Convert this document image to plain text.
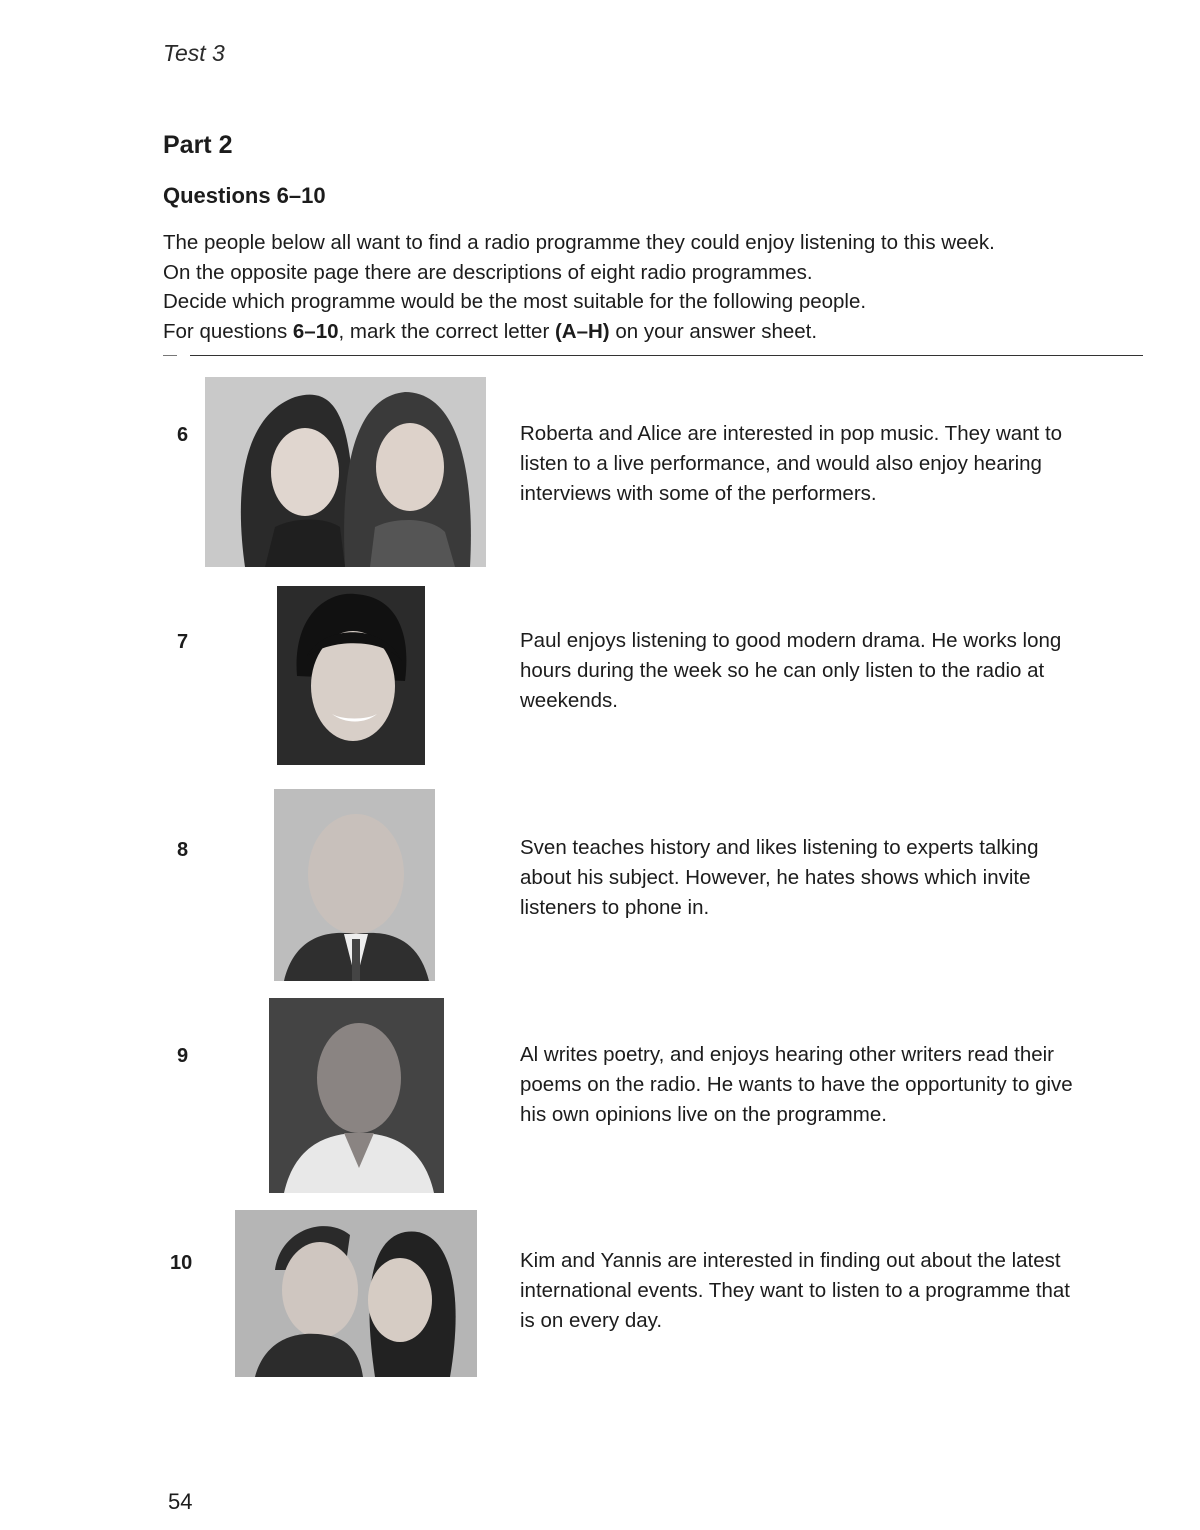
Test 3
Part 2
Questions 6–10

The people below all want to find a radio programme they could enjoy listening to this week.

On the opposite page there are descriptions of eight radio programmes.

Decide which programme would be the most suitable for the following people.

For questions 6–10, mark the correct letter (A–H) on your answer sheet.

6	Roberta and Alice are interested in pop music. They want to
listen to a live performance, and would also enjoy hearing
interviews with some of the performers.
7	Paul enjoys listening to good modern drama. He works long
hours during the week so he can only listen to the radio at
weekends.
8	Sven teaches history and likes listening to experts talking
about his subject. However, he hates shows which invite
listeners to phone in.
9	Al writes poetry, and enjoys hearing other writers read their
poems on the radio. He wants to have the opportunity to give
his own opinions live on the programme.
10	Kim and Yannis are interested in finding out about the latest
international events. They want to listen to a programme that
is on every day.
54
